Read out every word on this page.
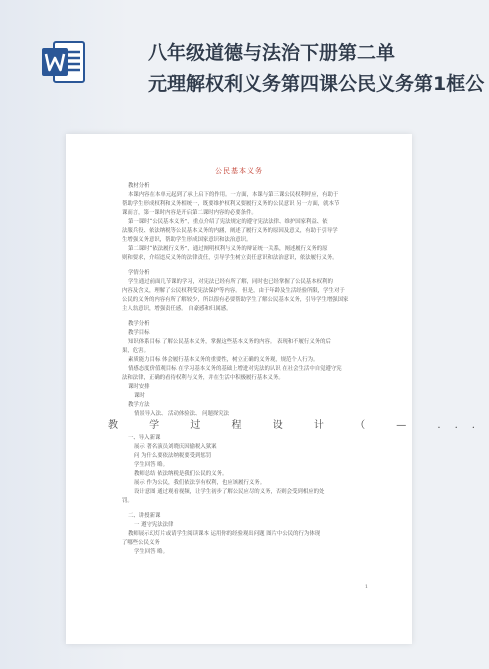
八年级道德与法治下册第二单
元理解权利义务第四课公民义务第1框公
公民基本义务

教材分析

本课内容在本单元起到了承上启下的作用。一方面，本课与第三课公民权利呼应，有助于

帮助学生形成权利和义务相统一，既要维护权利又要履行义务的公民意识 另一方面，就本节

课而言，第一课时内容是开启第二课时内容的必要条件。

第一课时“公民基本义务”，重点介绍了宪法规定的遵守宪法法律、维护国家利益、依

法服兵役、依法纳税等公民基本义务的内涵，阐述了履行义务的原因及意义，有助于引导学

生增强义务意识，帮助学生形成国家意识和法治意识。

第二课时“依法履行义务”，通过阐明权利与义务的辩证统一关系，阐述履行义务的原

则和要求，介绍违反义务的法律责任，引导学生树立责任意识和法治意识，依法履行义务。

学情分析

学生通过前面几节课的学习，对宪法已经有所了解，同时也已经掌握了公民基本权利的

内容及含义，理解了公民权利受宪法保护等内容。 但是，由于年龄及生活经验所限，学生对于

公民的义务的内容有所了解较少，所以很有必要帮助学生了解公民基本义务，引导学生增强国家

主人翁意识，增强责任感。 自豪感和归属感。

教学分析

教学目标

知识体系目标 了解公民基本义务，掌握这些基本义务的内容。 表现和不履行义务的后

果，危害。

素质能力目标 体会履行基本义务的重要性，树立正确的义务观，规范个人行为。

情感态度价值观目标 在学习基本义务的基础上增进对宪法的认识 在社会生活中自觉遵守宪

法和法律，正确的看待权利与义务，并在生活中积极履行基本义务。

课时安排

课时

教学方法

情景导入法、 活动体验法、 问题探究法

教 学 过 程 设 计 （ — ...

一、导入新课

展示 著名演员刘晓庆因偷税入狱案

问 为什么要依法纳税要受到惩罚

学生回答 略。

教师总结 依法纳税是我们公民的义务。

展示 作为公民，我们依法享有权利，也应该履行义务。

设计意图 通过观看视频，让学生初步了解公民应尽的义务，否则会受到相应的处

罚。

二、讲授新课

一 遵守宪法法律

教师展示幻灯片或请学生阅读课本 运用你的经验观出问题 图片中公民的行为体现

了哪些公民义务

学生回答 略。

1
